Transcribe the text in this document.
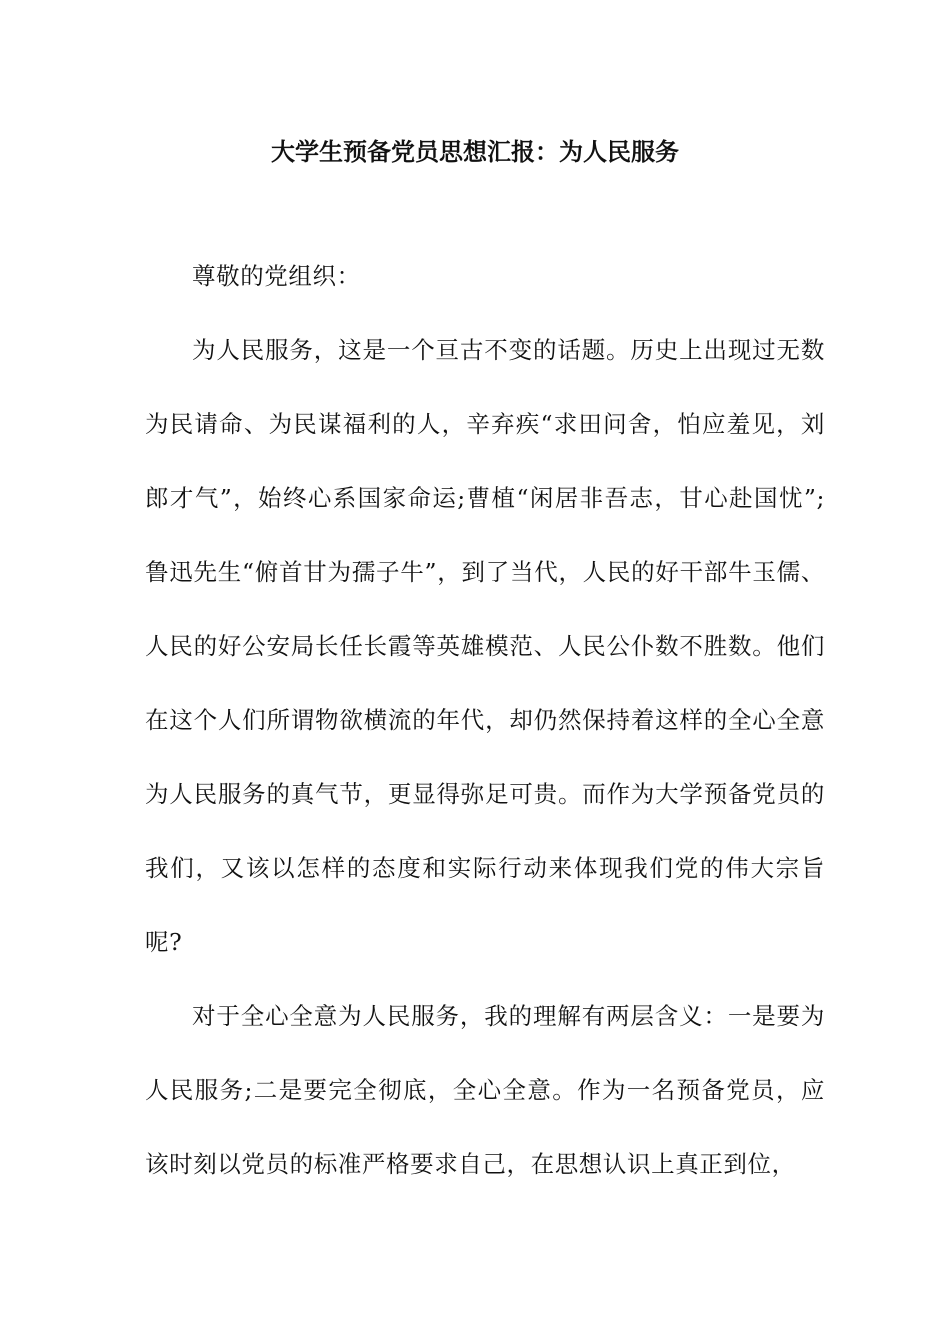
大学生预备党员思想汇报：为人民服务

尊敬的党组织：

为人民服务，这是一个亘古不变的话题。历史上出现过无数为民请命、为民谋福利的人，辛弃疾“求田问舍，怕应羞见，刘郎才气”，始终心系国家命运;曹植“闲居非吾志，甘心赴国忧”;鲁迅先生“俯首甘为孺子牛”，到了当代，人民的好干部牛玉儒、人民的好公安局长任长霞等英雄模范、人民公仆数不胜数。他们在这个人们所谓物欲横流的年代，却仍然保持着这样的全心全意为人民服务的真气节，更显得弥足可贵。而作为大学预备党员的我们，又该以怎样的态度和实际行动来体现我们党的伟大宗旨呢?

对于全心全意为人民服务，我的理解有两层含义：一是要为人民服务;二是要完全彻底，全心全意。作为一名预备党员，应该时刻以党员的标准严格要求自己，在思想认识上真正到位，
